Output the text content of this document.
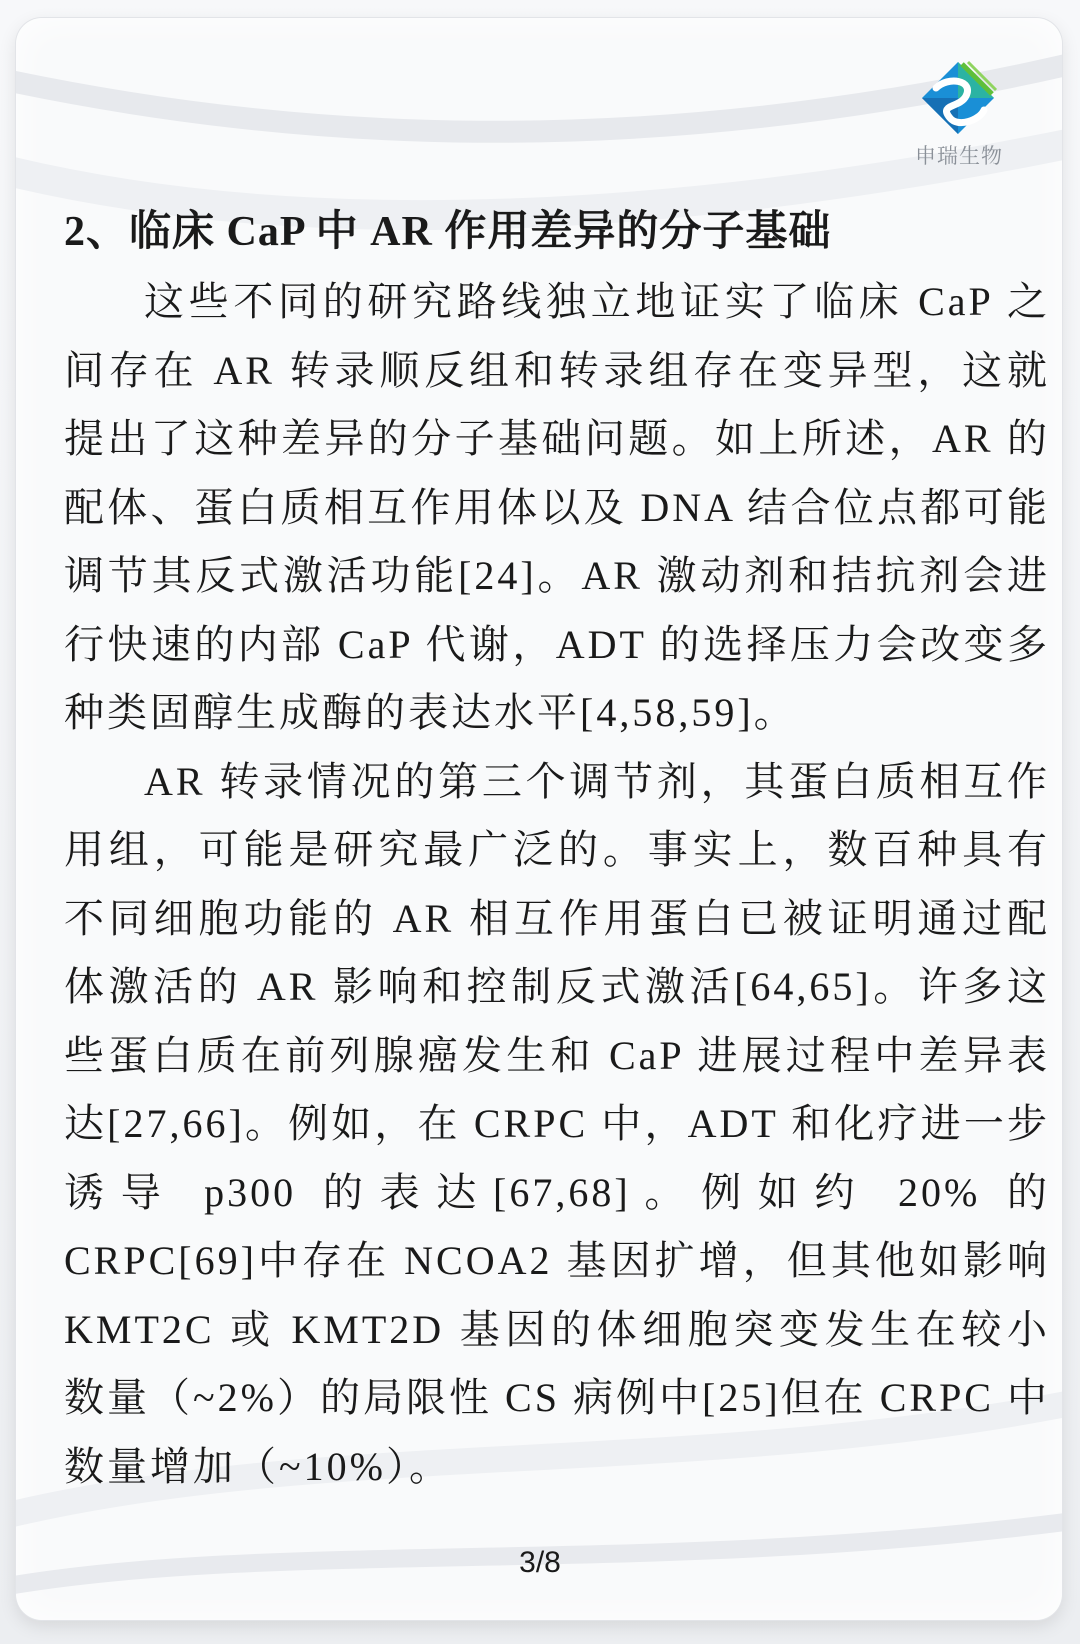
申瑞生物
2、临床 CaP 中 AR 作用差异的分子基础

这些不同的研究路线独立地证实了临床 CaP 之间存在 AR 转录顺反组和转录组存在变异型，这就提出了这种差异的分子基础问题。如上所述，AR 的配体、蛋白质相互作用体以及 DNA 结合位点都可能调节其反式激活功能[24]。AR 激动剂和拮抗剂会进行快速的内部 CaP 代谢，ADT 的选择压力会改变多种类固醇生成酶的表达水平[4,58,59]。

AR 转录情况的第三个调节剂，其蛋白质相互作用组，可能是研究最广泛的。事实上，数百种具有不同细胞功能的 AR 相互作用蛋白已被证明通过配体激活的 AR 影响和控制反式激活[64,65]。许多这些蛋白质在前列腺癌发生和 CaP 进展过程中差异表达[27,66]。例如，在 CRPC 中，ADT 和化疗进一步诱导 p300 的表达[67,68]。例如约 20% 的 CRPC[69]中存在 NCOA2 基因扩增，但其他如影响 KMT2C 或 KMT2D 基因的体细胞突变发生在较小数量（~2%）的局限性 CS 病例中[25]但在 CRPC 中数量增加（~10%）。

3/8
